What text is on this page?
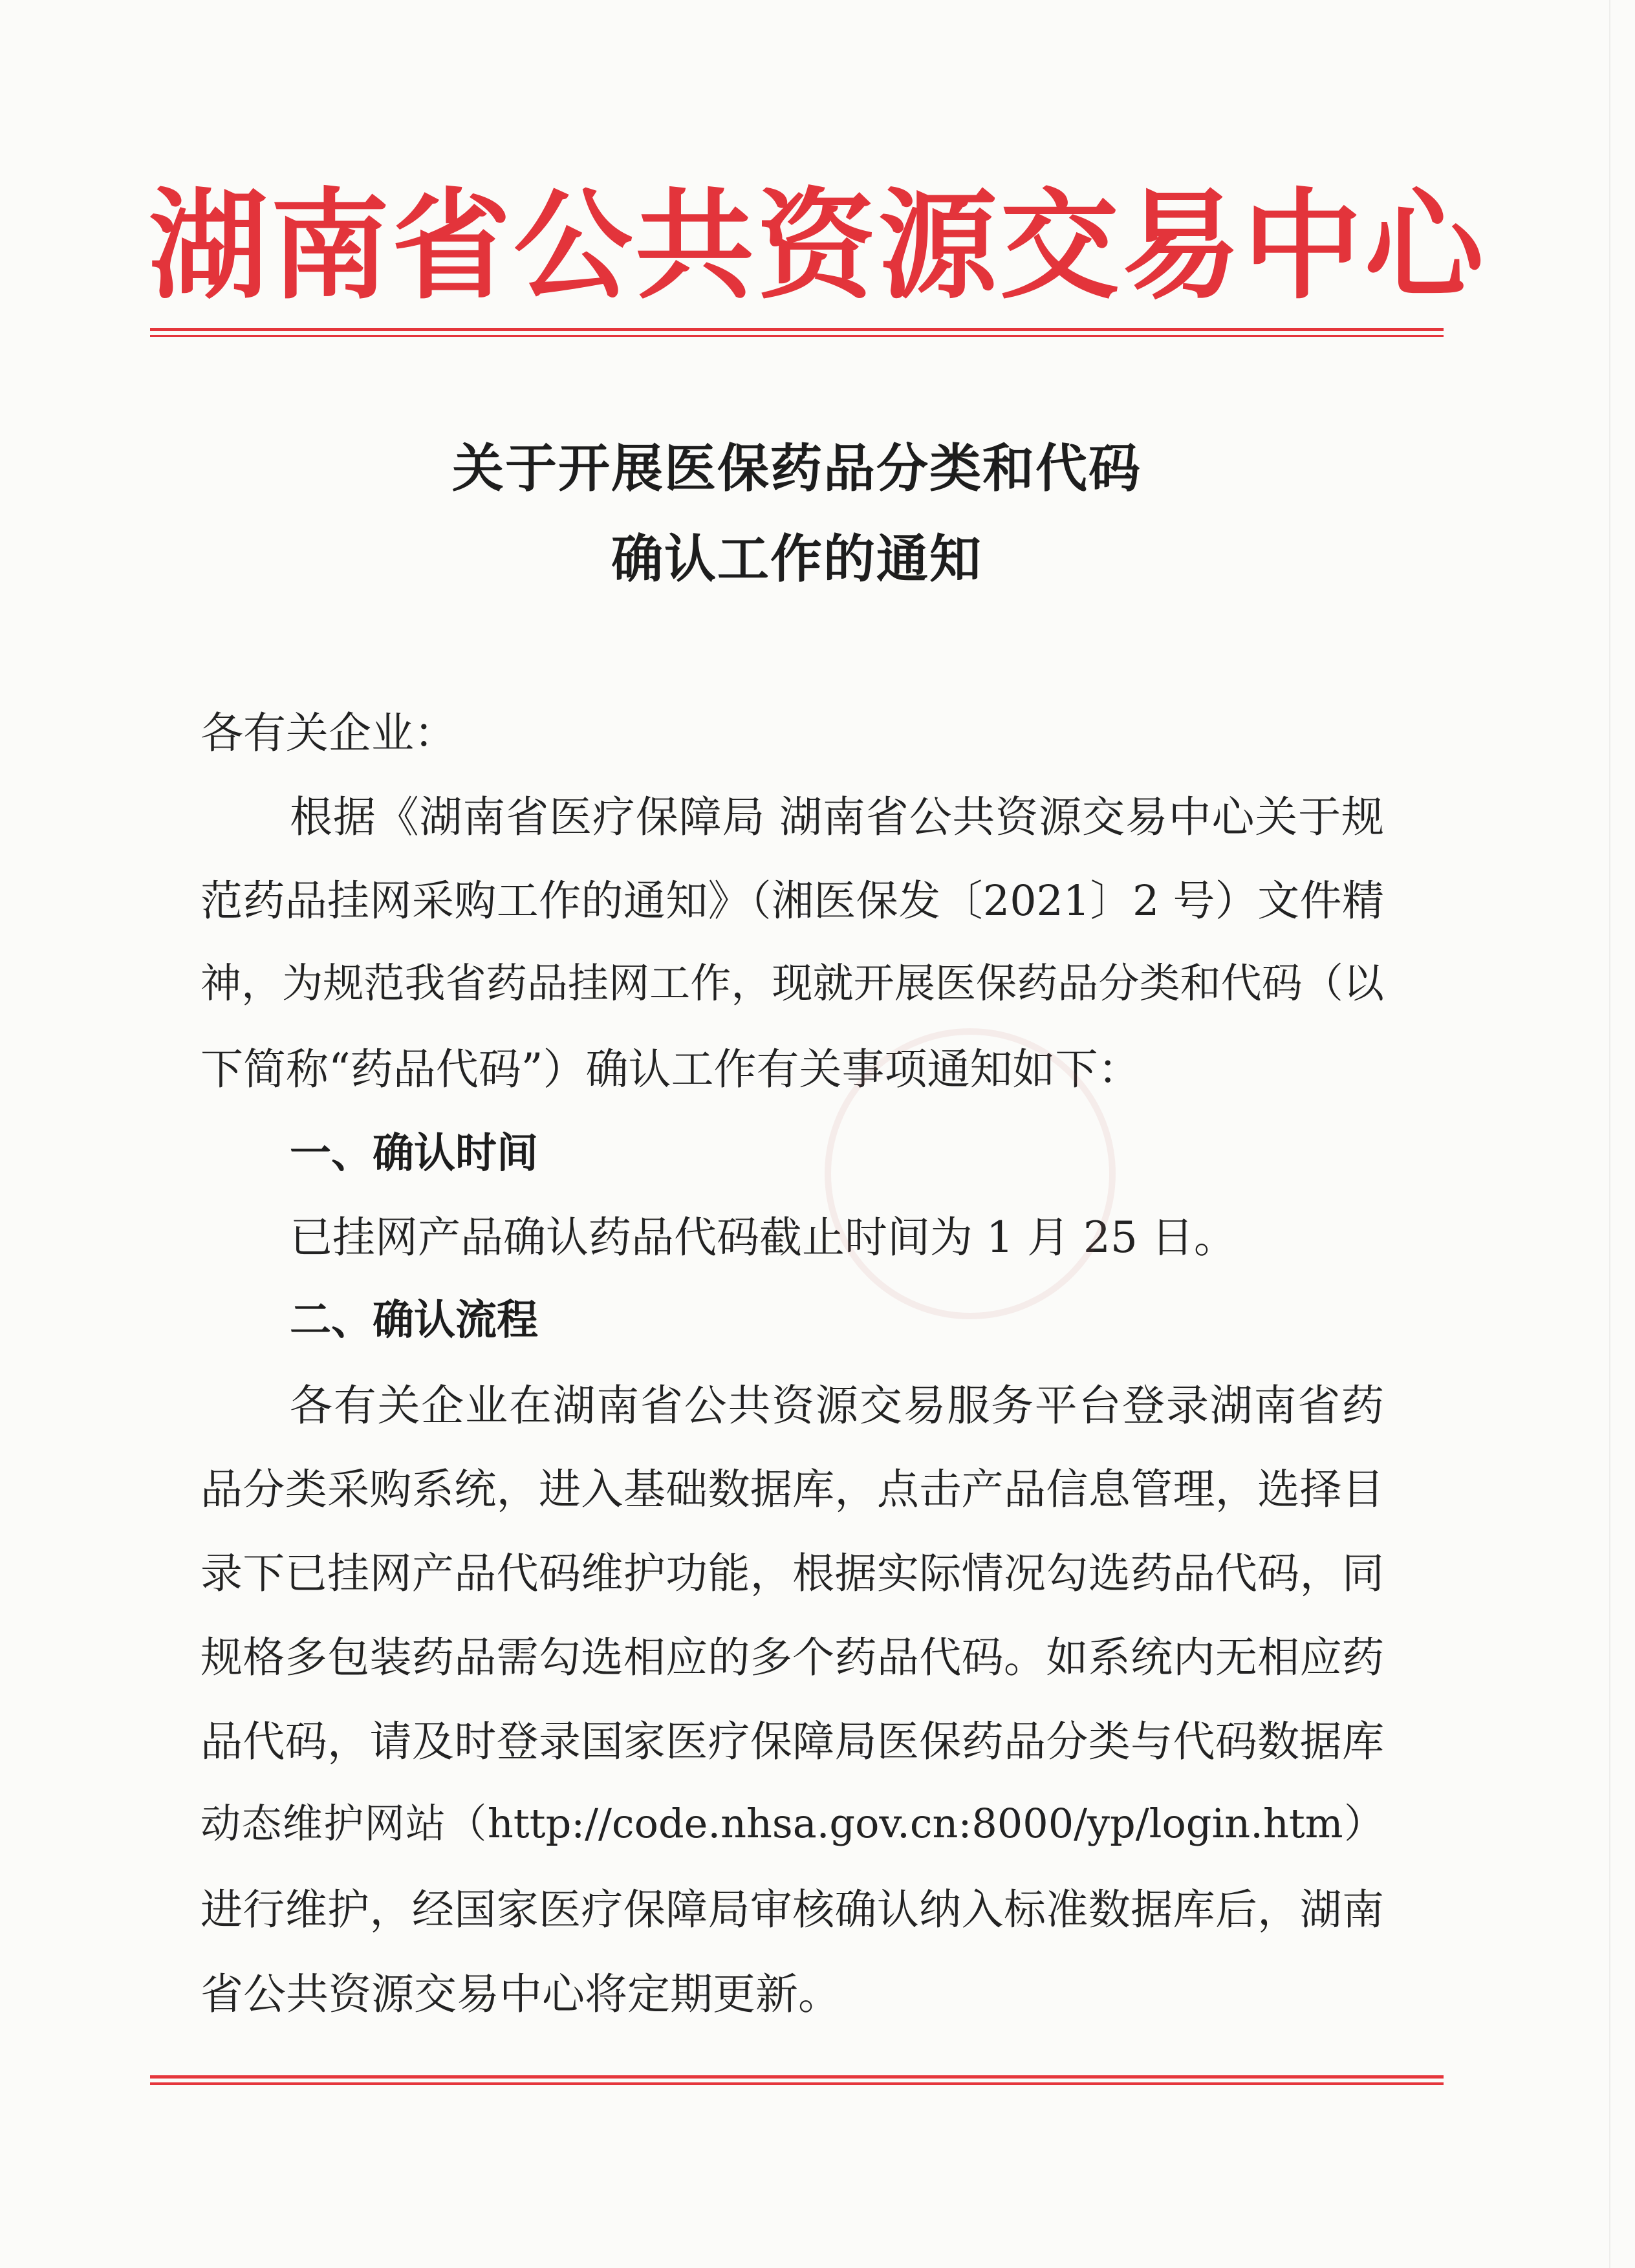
湖南省公共资源交易中心
关于开展医保药品分类和代码
确认工作的通知

各有关企业：

根据《湖南省医疗保障局 湖南省公共资源交易中心关于规

范药品挂网采购工作的通知》（湘医保发〔2021〕2 号）文件精

神，为规范我省药品挂网工作，现就开展医保药品分类和代码（以

下简称“药品代码”）确认工作有关事项通知如下：

一、确认时间

已挂网产品确认药品代码截止时间为 1 月 25 日。

二、确认流程

各有关企业在湖南省公共资源交易服务平台登录湖南省药

品分类采购系统，进入基础数据库，点击产品信息管理，选择目

录下已挂网产品代码维护功能，根据实际情况勾选药品代码，同

规格多包装药品需勾选相应的多个药品代码。如系统内无相应药

品代码，请及时登录国家医疗保障局医保药品分类与代码数据库

动态维护网站（http://code.nhsa.gov.cn:8000/yp/login.htm）

进行维护，经国家医疗保障局审核确认纳入标准数据库后，湖南

省公共资源交易中心将定期更新。
